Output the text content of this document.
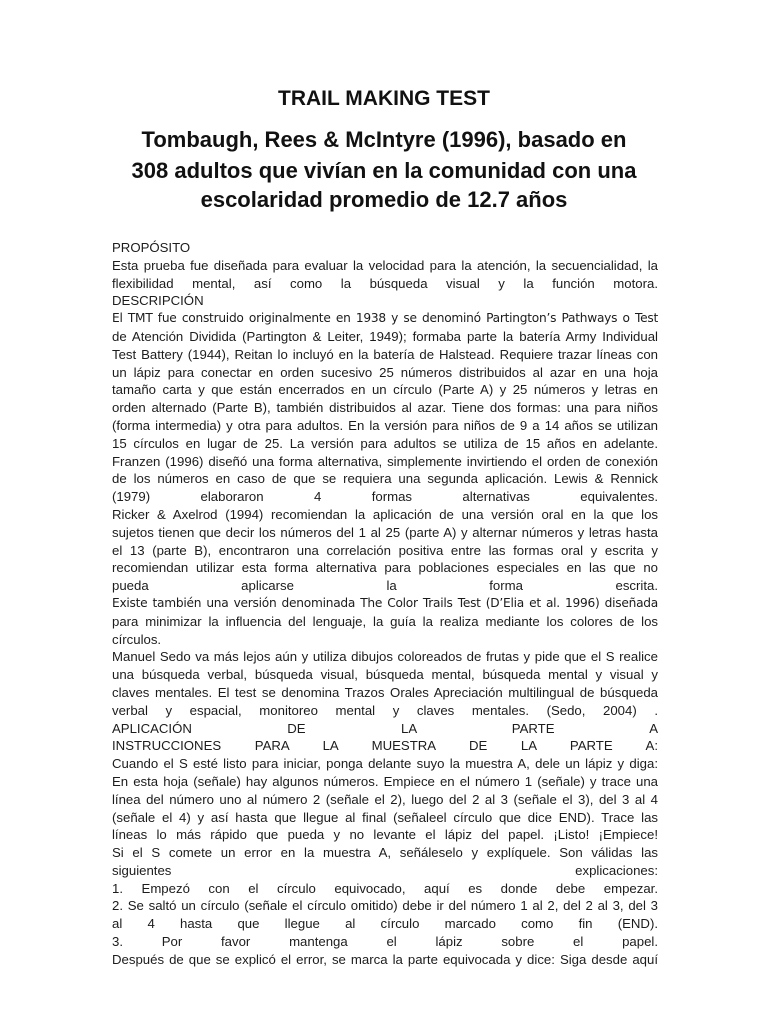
TRAIL MAKING TEST
Tombaugh, Rees & McIntyre (1996), basado en
308 adultos que vivían en la comunidad con una
escolaridad promedio de 12.7 años
PROPÓSITO
Esta prueba fue diseñada para evaluar la velocidad para la atención, la secuencialidad, la
flexibilidad mental, así como la búsqueda visual y la función motora.
DESCRIPCIÓN
El TMT fue construido originalmente en 1938 y se denominó Partington’s Pathways o Test
de Atención Dividida (Partington & Leiter, 1949); formaba parte la batería Army Individual
Test Battery (1944), Reitan lo incluyó en la batería de Halstead. Requiere trazar líneas con
un lápiz para conectar en orden sucesivo 25 números distribuidos al azar en una hoja
tamaño carta y que están encerrados en un círculo (Parte A) y 25 números y letras en
orden alternado (Parte B), también distribuidos al azar. Tiene dos formas: una para niños
(forma intermedia) y otra para adultos. En la versión para niños de 9 a 14 años se utilizan
15 círculos en lugar de 25. La versión para adultos se utiliza de 15 años en adelante.
Franzen (1996) diseñó una forma alternativa, simplemente invirtiendo el orden de conexión
de los números en caso de que se requiera una segunda aplicación. Lewis & Rennick
(1979) elaboraron 4 formas alternativas equivalentes.
Ricker & Axelrod (1994) recomiendan la aplicación de una versión oral en la que los
sujetos tienen que decir los números del 1 al 25 (parte A) y alternar números y letras hasta
el 13 (parte B), encontraron una correlación positiva entre las formas oral y escrita y
recomiendan utilizar esta forma alternativa para poblaciones especiales en las que no
pueda aplicarse la forma escrita.
Existe también una versión denominada The Color Trails Test (D’Elia et al. 1996) diseñada
para minimizar la influencia del lenguaje, la guía la realiza mediante los colores de los
círculos.
Manuel Sedo va más lejos aún y utiliza dibujos coloreados de frutas y pide que el S realice
una búsqueda verbal, búsqueda visual, búsqueda mental, búsqueda mental y visual y
claves mentales. El test se denomina Trazos Orales Apreciación multilingual de búsqueda
verbal y espacial, monitoreo mental y claves mentales. (Sedo, 2004) .
APLICACIÓN DE LA PARTE A
INSTRUCCIONES PARA LA MUESTRA DE LA PARTE A:
Cuando el S esté listo para iniciar, ponga delante suyo la muestra A, dele un lápiz y diga:
En esta hoja (señale) hay algunos números. Empiece en el número 1 (señale) y trace una
línea del número uno al número 2 (señale el 2), luego del 2 al 3 (señale el 3), del 3 al 4
(señale el 4) y así hasta que llegue al final (señaleel círculo que dice END). Trace las
líneas lo más rápido que pueda y no levante el lápiz del papel. ¡Listo! ¡Empiece!
Si el S comete un error en la muestra A, señáleselo y explíquele. Son válidas las
siguientes explicaciones:
1. Empezó con el círculo equivocado, aquí es donde debe empezar.
2. Se saltó un círculo (señale el círculo omitido) debe ir del número 1 al 2, del 2 al 3, del 3
al 4 hasta que llegue al círculo marcado como fin (END).
3. Por favor mantenga el lápiz sobre el papel.
Después de que se explicó el error, se marca la parte equivocada y dice: Siga desde aquí
